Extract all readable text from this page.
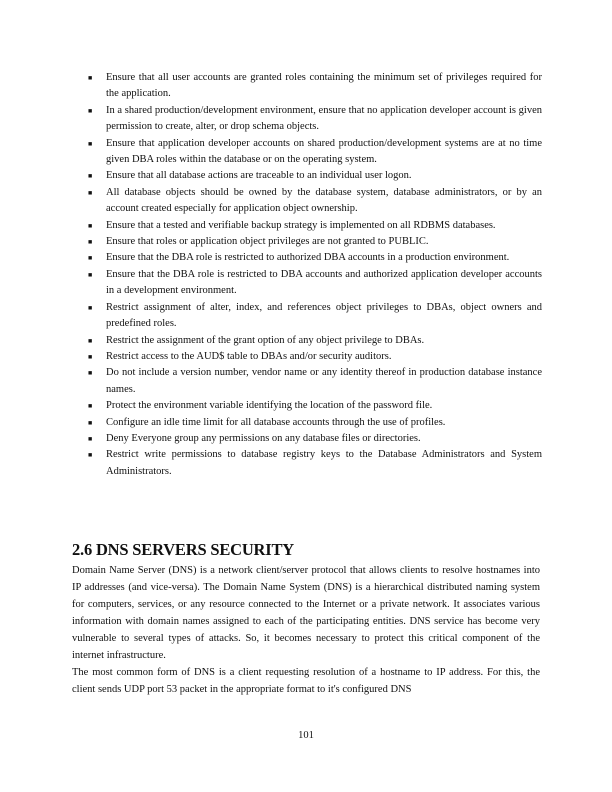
■ Ensure that all user accounts are granted roles containing the minimum set of privileges required for the application.
■ In a shared production/development environment, ensure that no application developer account is given permission to create, alter, or drop schema objects.
■ Ensure that application developer accounts on shared production/development systems are at no time given DBA roles within the database or on the operating system.
■ Ensure that all database actions are traceable to an individual user logon.
■ All database objects should be owned by the database system, database administrators, or by an account created especially for application object ownership.
■ Ensure that a tested and verifiable backup strategy is implemented on all RDBMS databases.
■ Ensure that roles or application object privileges are not granted to PUBLIC.
■ Ensure that the DBA role is restricted to authorized DBA accounts in a production environment.
■ Ensure that the DBA role is restricted to DBA accounts and authorized application developer accounts in a development environment.
■ Restrict assignment of alter, index, and references object privileges to DBAs, object owners and predefined roles.
■ Restrict the assignment of the grant option of any object privilege to DBAs.
■ Restrict access to the AUD$ table to DBAs and/or security auditors.
■ Do not include a version number, vendor name or any identity thereof in production database instance names.
■ Protect the environment variable identifying the location of the password file.
■ Configure an idle time limit for all database accounts through the use of profiles.
■ Deny Everyone group any permissions on any database files or directories.
■ Restrict write permissions to database registry keys to the Database Administrators and System Administrators.
2.6 DNS SERVERS SECURITY
Domain Name Server (DNS) is a network client/server protocol that allows clients to resolve hostnames into IP addresses (and vice-versa). The Domain Name System (DNS) is a hierarchical distributed naming system for computers, services, or any resource connected to the Internet or a private network. It associates various information with domain names assigned to each of the participating entities. DNS service has become very vulnerable to several types of attacks. So, it becomes necessary to protect this critical component of the internet infrastructure.
The most common form of DNS is a client requesting resolution of a hostname to IP address. For this, the client sends UDP port 53 packet in the appropriate format to it's configured DNS
101
